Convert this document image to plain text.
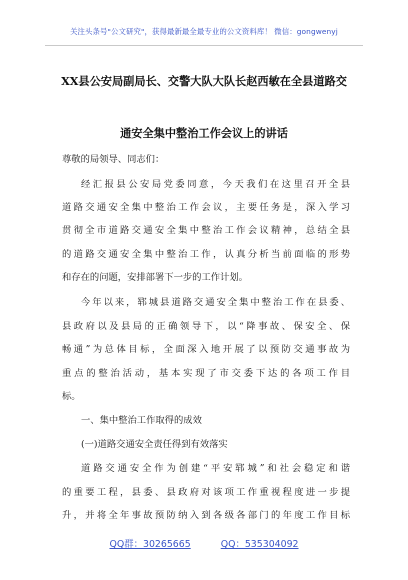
关注头条号"公文研究"，获得最新最全最专业的公文资料库！ 微信：gongwenyj
XX县公安局副局长、交警大队大队长赵西敏在全县道路交
通安全集中整治工作会议上的讲话
尊敬的局领导、同志们：
经汇报县公安局党委同意，今天我们在这里召开全县
道路交通安全集中整治工作会议，主要任务是，深入学习
贯彻全市道路交通安全集中整治工作会议精神，总结全县
的道路交通安全集中整治工作，认真分析当前面临的形势
和存在的问题，安排部署下一步的工作计划。
今年以来，郓城县道路交通安全集中整治工作在县委、
县政府以及县局的正确领导下，以“降事故、保安全、保
畅通”为总体目标，全面深入地开展了以预防交通事故为
重点的整治活动，基本实现了市交委下达的各项工作目
标。
一、集中整治工作取得的成效
(一)道路交通安全责任得到有效落实
道路交通安全作为创建“平安郓城”和社会稳定和谐
的重要工程，县委、县政府对该项工作重视程度进一步提
升，并将全年事故预防纳入到各级各部门的年度工作目标
QQ群：30265665	QQ：535304092
